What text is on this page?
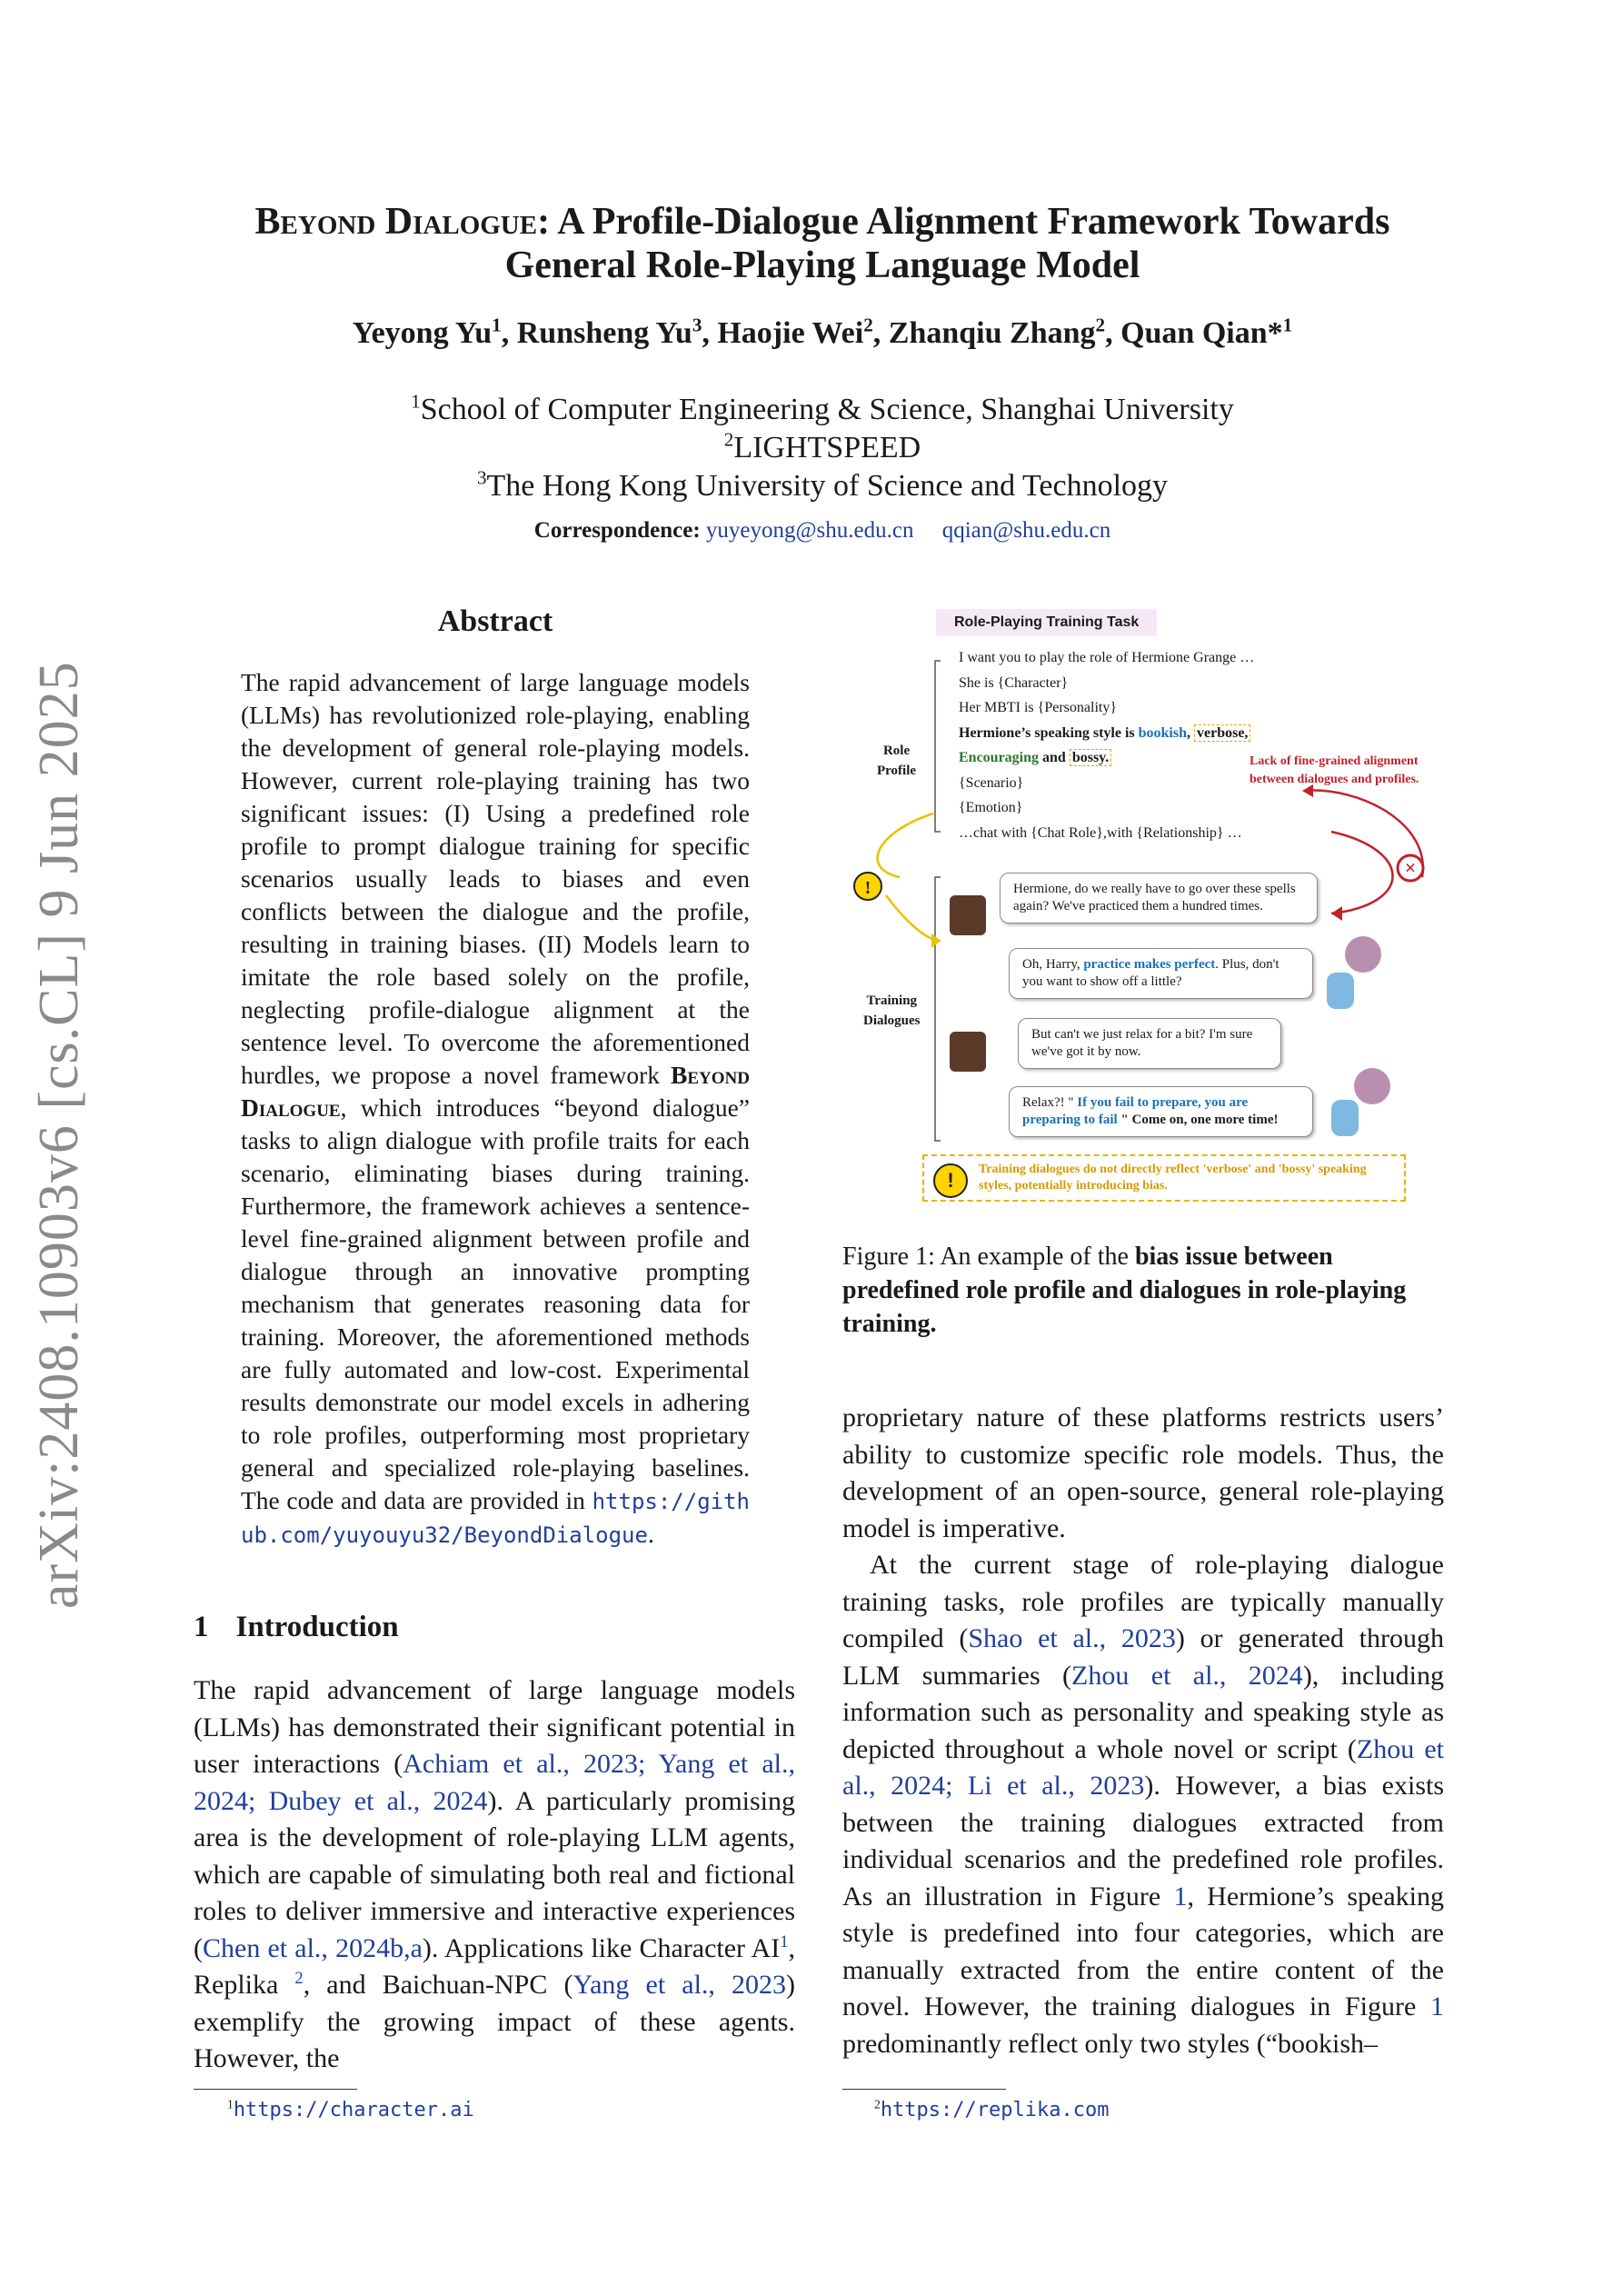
arXiv:2408.10903v6 [cs.CL] 9 Jun 2025
Beyond Dialogue: A Profile-Dialogue Alignment Framework Towards
General Role-Playing Language Model
Yeyong Yu$^1$, Runsheng Yu$^3$, Haojie Wei$^2$, Zhanqiu Zhang$^2$, Quan Qian*$^1$
$^1$School of Computer Engineering & Science, Shanghai University
$^2$LIGHTSPEED
$^3$The Hong Kong University of Science and Technology
Correspondence: yuyeyong@shu.edu.cn qqian@shu.edu.cn
Abstract
The rapid advancement of large language models (LLMs) has revolutionized role-playing, enabling the development of general role-playing models. However, current role-playing training has two significant issues: (I) Using a predefined role profile to prompt dialogue training for specific scenarios usually leads to biases and even conflicts between the dialogue and the profile, resulting in training biases. (II) Models learn to imitate the role based solely on the profile, neglecting profile-dialogue alignment at the sentence level. To overcome the aforementioned hurdles, we propose a novel framework Beyond Dialogue, which introduces “beyond dialogue” tasks to align dialogue with profile traits for each scenario, eliminating biases during training. Furthermore, the framework achieves a sentence-level fine-grained alignment between profile and dialogue through an innovative prompting mechanism that generates reasoning data for training. Moreover, the aforementioned methods are fully automated and low-cost. Experimental results demonstrate our model excels in adhering to role profiles, outperforming most proprietary general and specialized role-playing baselines. The code and data are provided in https://github.com/yuyouyu32/BeyondDialogue.
1 Introduction
The rapid advancement of large language models (LLMs) has demonstrated their significant potential in user interactions (Achiam et al., 2023; Yang et al., 2024; Dubey et al., 2024). A particularly promising area is the development of role-playing LLM agents, which are capable of simulating both real and fictional roles to deliver immersive and interactive experiences (Chen et al., 2024b,a). Applications like Character $AI^1$, Replika $^2$, and Baichuan-NPC (Yang et al., 2023) exemplify the growing impact of these agents. However, the
$^1$https://character.ai
×
!
Role-Playing Training Task
Role
Profile
I want you to play the role of Hermione Grange …
She is {Character}
Her MBTI is {Personality}
Hermione’s speaking style is bookish, verbose,
Encouraging and bossy.
{Scenario}
{Emotion}
…chat with {Chat Role},with {Relationship} …
Lack of fine-grained alignment
between dialogues and profiles.
Training
Dialogues
Hermione, do we really have to go over these spells again? We've practiced them a hundred times.
Oh, Harry, practice makes perfect. Plus, don't you want to show off a little?
But can't we just relax for a bit? I'm sure we've got it by now.
Relax?! " If you fail to prepare, you are preparing to fail " Come on, one more time!
!	Training dialogues do not directly reflect 'verbose' and 'bossy' speaking styles, potentially introducing bias.
Figure 1: An example of the bias issue between predefined role profile and dialogues in role-playing training.

proprietary nature of these platforms restricts users’ ability to customize specific role models. Thus, the development of an open-source, general role-playing model is imperative.

At the current stage of role-playing dialogue training tasks, role profiles are typically manually compiled (Shao et al., 2023) or generated through LLM summaries (Zhou et al., 2024), including information such as personality and speaking style as depicted throughout a whole novel or script (Zhou et al., 2024; Li et al., 2023). However, a bias exists between the training dialogues extracted from individual scenarios and the predefined role profiles. As an illustration in Figure 1, Hermione’s speaking style is predefined into four categories, which are manually extracted from the entire content of the novel. However, the training dialogues in Figure 1 predominantly reflect only two styles (“bookish–

$^2$https://replika.com
